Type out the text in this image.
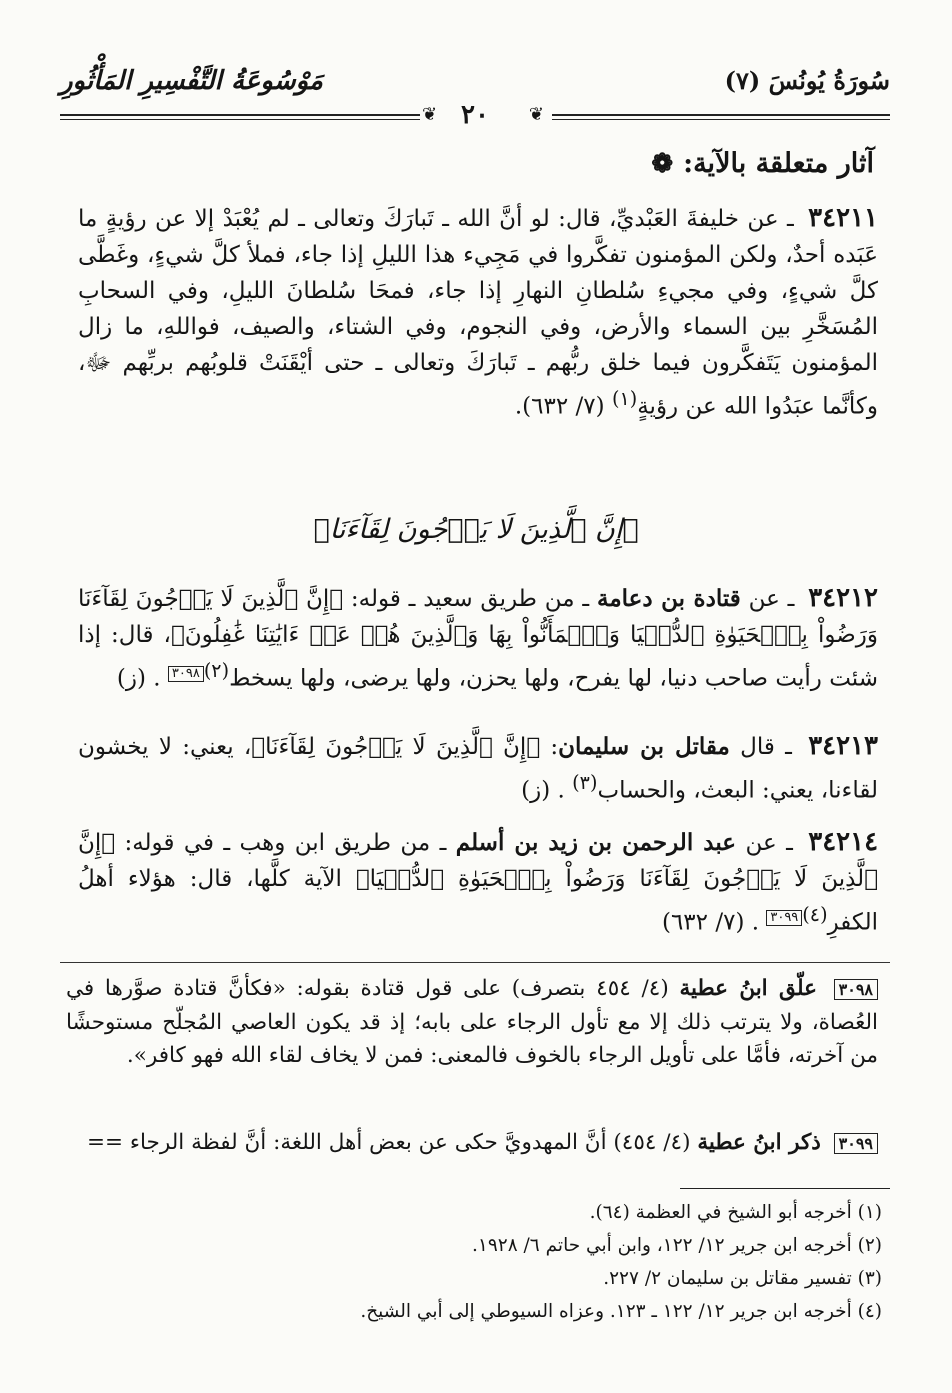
سُورَةُ يُونُسَ (٧)
مَوْسُوعَةُ التَّفْسِيرِ المَأْثُورِ
❦
❦ ٢٠
❁ آثار متعلقة بالآية:
٣٤٢١١ ـ عن خليفةَ العَبْديِّ، قال: لو أنَّ الله ـ تَبارَكَ وتعالى ـ لم يُعْبَدْ إلا عن رؤيةٍ ما عَبَده أحدٌ، ولكن المؤمنون تفكَّروا في مَجِيء هذا الليلِ إذا جاء، فملأ كلَّ شيءٍ، وغَطَّى كلَّ شيءٍ، وفي مجيءِ سُلطانِ النهارِ إذا جاء، فمحَا سُلطانَ الليلِ، وفي السحابِ المُسَخَّرِ بين السماء والأرض، وفي النجوم، وفي الشتاء، والصيف، فواللهِ، ما زال المؤمنون يَتَفكَّرون فيما خلق ربُّهم ـ تَبارَكَ وتعالى ـ حتى أيْقَنَتْ قلوبُهم بربِّهم ﷻ، وكأنَّما عبَدُوا الله عن رؤيةٍ$^{(١)}$ (٧/ ٦٣٢).
﴿إِنَّ ٱلَّذِينَ لَا يَرۡجُونَ لِقَآءَنَا﴾
٣٤٢١٢ ـ عن قتادة بن دعامة ـ من طريق سعيد ـ قوله: ﴿إِنَّ ٱلَّذِينَ لَا يَرۡجُونَ لِقَآءَنَا وَرَضُواْ بِٱلۡحَيَوٰةِ ٱلدُّنۡيَا وَٱطۡمَأَنُّواْ بِهَا وَٱلَّذِينَ هُمۡ عَنۡ ءَايَٰتِنَا غَٰفِلُونَ﴾، قال: إذا شئت رأيت صاحب دنيا، لها يفرح، ولها يحزن، ولها يرضى، ولها يسخط$^{(٢)}$٣٠٩٨ . (ز)
٣٤٢١٣ ـ قال مقاتل بن سليمان: ﴿إِنَّ ٱلَّذِينَ لَا يَرۡجُونَ لِقَآءَنَا﴾، يعني: لا يخشون لقاءنا، يعني: البعث، والحساب$^{(٣)}$ . (ز)
٣٤٢١٤ ـ عن عبد الرحمن بن زيد بن أسلم ـ من طريق ابن وهب ـ في قوله: ﴿إِنَّ ٱلَّذِينَ لَا يَرۡجُونَ لِقَآءَنَا وَرَضُواْ بِٱلۡحَيَوٰةِ ٱلدُّنۡيَا﴾ الآية كلَّها، قال: هؤلاء أهلُ الكفرِ$^{(٤)}$٣٠٩٩ . (٧/ ٦٣٢)
٣٠٩٨ علّق ابنُ عطية (٤/ ٤٥٤ بتصرف) على قول قتادة بقوله: «فكأنَّ قتادة صوَّرها في العُصاة، ولا يترتب ذلك إلا مع تأول الرجاء على بابه؛ إذ قد يكون العاصي المُجلّح مستوحشًا من آخرته، فأمَّا على تأويل الرجاء بالخوف فالمعنى: فمن لا يخاف لقاء الله فهو كافر».
٣٠٩٩ ذكر ابنُ عطية (٤/ ٤٥٤) أنَّ المهدويَّ حكى عن بعض أهل اللغة: أنَّ لفظة الرجاء ==
(١) أخرجه أبو الشيخ في العظمة (٦٤).
(٢) أخرجه ابن جرير ١٢/ ١٢٢، وابن أبي حاتم ٦/ ١٩٢٨.
(٣) تفسير مقاتل بن سليمان ٢/ ٢٢٧.
(٤) أخرجه ابن جرير ١٢/ ١٢٢ ـ ١٢٣. وعزاه السيوطي إلى أبي الشيخ.
